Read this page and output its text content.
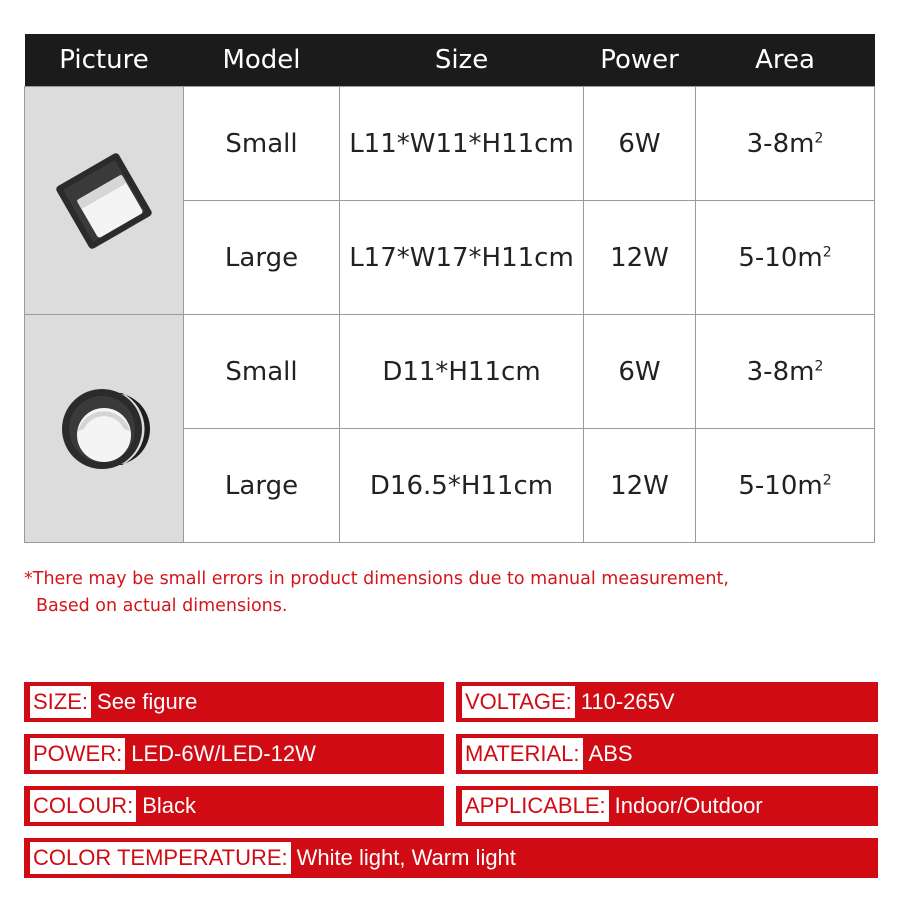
Picture	Model	Size	Power	Area

	Small	L11*W11*H11cm	6W	$3-8m^2$
	Large	L17*W17*H11cm	12W	$5-10m^2$

	Small	D11*H11cm	6W	$3-8m^2$
	Large	D16.5*H11cm	12W	$5-10m^2$
*There may be small errors in product dimensions due to manual measurement,
Based on actual dimensions.
SIZE: See figure	VOLTAGE: 110-265V
POWER: LED-6W/LED-12W	MATERIAL: ABS
COLOUR: Black	APPLICABLE: Indoor/Outdoor
COLOR TEMPERATURE: White light, Warm light
